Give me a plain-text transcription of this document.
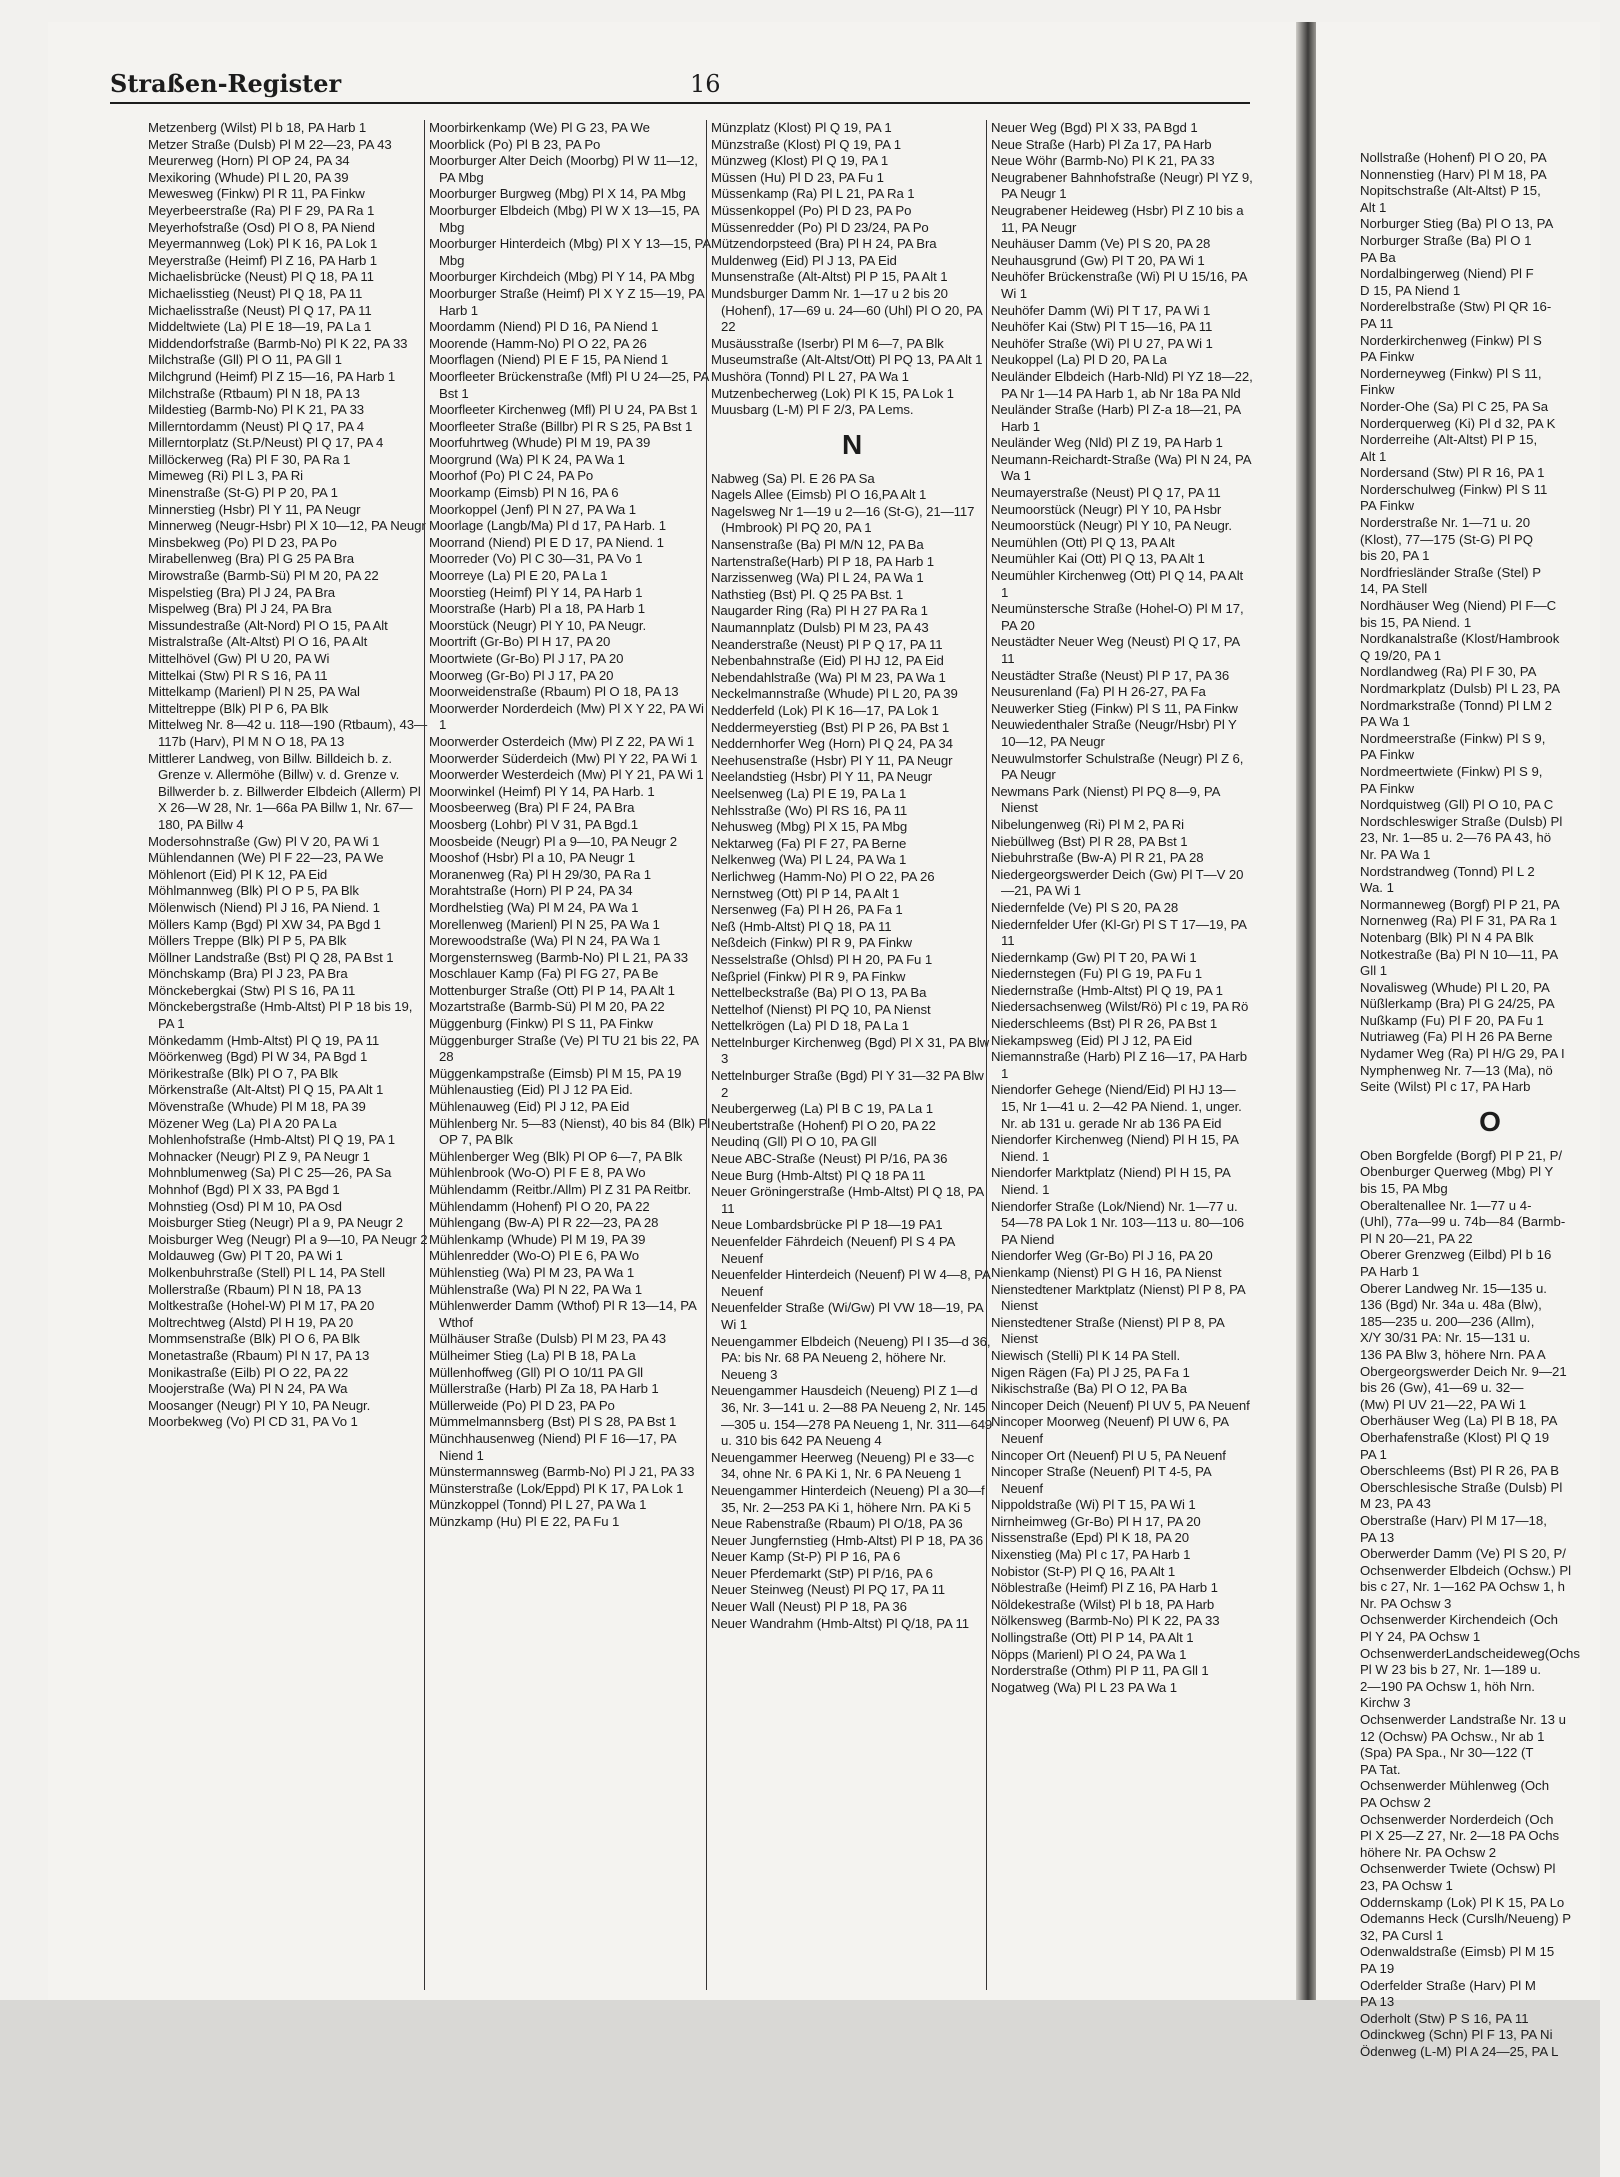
Straßen-Register	16
Metzenberg (Wilst) Pl b 18, PA Harb 1
Metzer Straße (Dulsb) Pl M 22—23, PA 43
Meurerweg (Horn) Pl OP 24, PA 34
Mexikoring (Whude) Pl L 20, PA 39
Mewesweg (Finkw) Pl R 11, PA Finkw
Meyerbeerstraße (Ra) Pl F 29, PA Ra 1
Meyerhofstraße (Osd) Pl O 8, PA Niend
Meyermannweg (Lok) Pl K 16, PA Lok 1
Meyerstraße (Heimf) Pl Z 16, PA Harb 1
Michaelisbrücke (Neust) Pl Q 18, PA 11
Michaelisstieg (Neust) Pl Q 18, PA 11
Michaelisstraße (Neust) Pl Q 17, PA 11
Middeltwiete (La) Pl E 18—19, PA La 1
Middendorfstraße (Barmb-No) Pl K 22, PA 33
Milchstraße (Gll) Pl O 11, PA Gll 1
Milchgrund (Heimf) Pl Z 15—16, PA Harb 1
Milchstraße (Rtbaum) Pl N 18, PA 13
Mildestieg (Barmb-No) Pl K 21, PA 33
Millerntordamm (Neust) Pl Q 17, PA 4
Millerntorplatz (St.P/Neust) Pl Q 17, PA 4
Millöckerweg (Ra) Pl F 30, PA Ra 1
Mimeweg (Ri) Pl L 3, PA Ri
Minenstraße (St-G) Pl P 20, PA 1
Minnerstieg (Hsbr) Pl Y 11, PA Neugr
Minnerweg (Neugr-Hsbr) Pl X 10—12, PA Neugr
Minsbekweg (Po) Pl D 23, PA Po
Mirabellenweg (Bra) Pl G 25 PA Bra
Mirowstraße (Barmb-Sü) Pl M 20, PA 22
Mispelstieg (Bra) Pl J 24, PA Bra
Mispelweg (Bra) Pl J 24, PA Bra
Missundestraße (Alt-Nord) Pl O 15, PA Alt
Mistralstraße (Alt-Altst) Pl O 16, PA Alt
Mittelhövel (Gw) Pl U 20, PA Wi
Mittelkai (Stw) Pl R S 16, PA 11
Mittelkamp (Marienl) Pl N 25, PA Wal
Mitteltreppe (Blk) Pl P 6, PA Blk
Mittelweg Nr. 8—42 u. 118—190 (Rtbaum), 43—117b (Harv), Pl M N O 18, PA 13
Mittlerer Landweg, von Billw. Billdeich b. z. Grenze v. Allermöhe (Billw) v. d. Grenze v. Billwerder b. z. Billwerder Elbdeich (Allerm) Pl X 26—W 28, Nr. 1—66a PA Billw 1, Nr. 67—180, PA Billw 4
Modersohnstraße (Gw) Pl V 20, PA Wi 1
Mühlendannen (We) Pl F 22—23, PA We
Möhlenort (Eid) Pl K 12, PA Eid
Möhlmannweg (Blk) Pl O P 5, PA Blk
Mölenwisch (Niend) Pl J 16, PA Niend. 1
Möllers Kamp (Bgd) Pl XW 34, PA Bgd 1
Möllers Treppe (Blk) Pl P 5, PA Blk
Möllner Landstraße (Bst) Pl Q 28, PA Bst 1
Mönchskamp (Bra) Pl J 23, PA Bra
Mönckebergkai (Stw) Pl S 16, PA 11
Mönckebergstraße (Hmb-Altst) Pl P 18 bis 19, PA 1
Mönkedamm (Hmb-Altst) Pl Q 19, PA 11
Möörkenweg (Bgd) Pl W 34, PA Bgd 1
Mörikestraße (Blk) Pl O 7, PA Blk
Mörkenstraße (Alt-Altst) Pl Q 15, PA Alt 1
Mövenstraße (Whude) Pl M 18, PA 39
Mözener Weg (La) Pl A 20 PA La
Mohlenhofstraße (Hmb-Altst) Pl Q 19, PA 1
Mohnacker (Neugr) Pl Z 9, PA Neugr 1
Mohnblumenweg (Sa) Pl C 25—26, PA Sa
Mohnhof (Bgd) Pl X 33, PA Bgd 1
Mohnstieg (Osd) Pl M 10, PA Osd
Moisburger Stieg (Neugr) Pl a 9, PA Neugr 2
Moisburger Weg (Neugr) Pl a 9—10, PA Neugr 2
Moldauweg (Gw) Pl T 20, PA Wi 1
Molkenbuhrstraße (Stell) Pl L 14, PA Stell
Mollerstraße (Rbaum) Pl N 18, PA 13
Moltkestraße (Hohel-W) Pl M 17, PA 20
Moltrechtweg (Alstd) Pl H 19, PA 20
Mommsenstraße (Blk) Pl O 6, PA Blk
Monetastraße (Rbaum) Pl N 17, PA 13
Monikastraße (Eilb) Pl O 22, PA 22
Moojerstraße (Wa) Pl N 24, PA Wa
Moosanger (Neugr) Pl Y 10, PA Neugr.
Moorbekweg (Vo) Pl CD 31, PA Vo 1
Moorbirkenkamp (We) Pl G 23, PA We
Moorblick (Po) Pl B 23, PA Po
Moorburger Alter Deich (Moorbg) Pl W 11—12, PA Mbg
Moorburger Burgweg (Mbg) Pl X 14, PA Mbg
Moorburger Elbdeich (Mbg) Pl W X 13—15, PA Mbg
Moorburger Hinterdeich (Mbg) Pl X Y 13—15, PA Mbg
Moorburger Kirchdeich (Mbg) Pl Y 14, PA Mbg
Moorburger Straße (Heimf) Pl X Y Z 15—19, PA Harb 1
Moordamm (Niend) Pl D 16, PA Niend 1
Moorende (Hamm-No) Pl O 22, PA 26
Moorflagen (Niend) Pl E F 15, PA Niend 1
Moorfleeter Brückenstraße (Mfl) Pl U 24—25, PA Bst 1
Moorfleeter Kirchenweg (Mfl) Pl U 24, PA Bst 1
Moorfleeter Straße (Billbr) Pl R S 25, PA Bst 1
Moorfuhrtweg (Whude) Pl M 19, PA 39
Moorgrund (Wa) Pl K 24, PA Wa 1
Moorhof (Po) Pl C 24, PA Po
Moorkamp (Eimsb) Pl N 16, PA 6
Moorkoppel (Jenf) Pl N 27, PA Wa 1
Moorlage (Langb/Ma) Pl d 17, PA Harb. 1
Moorrand (Niend) Pl E D 17, PA Niend. 1
Moorreder (Vo) Pl C 30—31, PA Vo 1
Moorreye (La) Pl E 20, PA La 1
Moorstieg (Heimf) Pl Y 14, PA Harb 1
Moorstraße (Harb) Pl a 18, PA Harb 1
Moorstück (Neugr) Pl Y 10, PA Neugr.
Moortrift (Gr-Bo) Pl H 17, PA 20
Moortwiete (Gr-Bo) Pl J 17, PA 20
Moorweg (Gr-Bo) Pl J 17, PA 20
Moorweidenstraße (Rbaum) Pl O 18, PA 13
Moorwerder Norderdeich (Mw) Pl X Y 22, PA Wi 1
Moorwerder Osterdeich (Mw) Pl Z 22, PA Wi 1
Moorwerder Süderdeich (Mw) Pl Y 22, PA Wi 1
Moorwerder Westerdeich (Mw) Pl Y 21, PA Wi 1
Moorwinkel (Heimf) Pl Y 14, PA Harb. 1
Moosbeerweg (Bra) Pl F 24, PA Bra
Moosberg (Lohbr) Pl V 31, PA Bgd.1
Moosbeide (Neugr) Pl a 9—10, PA Neugr 2
Mooshof (Hsbr) Pl a 10, PA Neugr 1
Moranenweg (Ra) Pl H 29/30, PA Ra 1
Morahtstraße (Horn) Pl P 24, PA 34
Mordhelstieg (Wa) Pl M 24, PA Wa 1
Morellenweg (Marienl) Pl N 25, PA Wa 1
Morewoodstraße (Wa) Pl N 24, PA Wa 1
Morgensternsweg (Barmb-No) Pl L 21, PA 33
Moschlauer Kamp (Fa) Pl FG 27, PA Be
Mottenburger Straße (Ott) Pl P 14, PA Alt 1
Mozartstraße (Barmb-Sü) Pl M 20, PA 22
Müggenburg (Finkw) Pl S 11, PA Finkw
Müggenburger Straße (Ve) Pl TU 21 bis 22, PA 28
Müggenkampstraße (Eimsb) Pl M 15, PA 19
Mühlenaustieg (Eid) Pl J 12 PA Eid.
Mühlenauweg (Eid) Pl J 12, PA Eid
Mühlenberg Nr. 5—83 (Nienst), 40 bis 84 (Blk) Pl OP 7, PA Blk
Mühlenberger Weg (Blk) Pl OP 6—7, PA Blk
Mühlenbrook (Wo-O) Pl F E 8, PA Wo
Mühlendamm (Reitbr./Allm) Pl Z 31 PA Reitbr.
Mühlendamm (Hohenf) Pl O 20, PA 22
Mühlengang (Bw-A) Pl R 22—23, PA 28
Mühlenkamp (Whude) Pl M 19, PA 39
Mühlenredder (Wo-O) Pl E 6, PA Wo
Mühlenstieg (Wa) Pl M 23, PA Wa 1
Mühlenstraße (Wa) Pl N 22, PA Wa 1
Mühlenwerder Damm (Wthof) Pl R 13—14, PA Wthof
Mülhäuser Straße (Dulsb) Pl M 23, PA 43
Mülheimer Stieg (La) Pl B 18, PA La
Müllenhoffweg (Gll) Pl O 10/11 PA Gll
Müllerstraße (Harb) Pl Za 18, PA Harb 1
Müllerweide (Po) Pl D 23, PA Po
Mümmelmannsberg (Bst) Pl S 28, PA Bst 1
Münchhausenweg (Niend) Pl F 16—17, PA Niend 1
Münstermannsweg (Barmb-No) Pl J 21, PA 33
Münsterstraße (Lok/Eppd) Pl K 17, PA Lok 1
Münzkoppel (Tonnd) Pl L 27, PA Wa 1
Münzkamp (Hu) Pl E 22, PA Fu 1
Münzplatz (Klost) Pl Q 19, PA 1
Münzstraße (Klost) Pl Q 19, PA 1
Münzweg (Klost) Pl Q 19, PA 1
Müssen (Hu) Pl D 23, PA Fu 1
Müssenkamp (Ra) Pl L 21, PA Ra 1
Müssenkoppel (Po) Pl D 23, PA Po
Müssenredder (Po) Pl D 23/24, PA Po
Mützendorpsteed (Bra) Pl H 24, PA Bra
Muldenweg (Eid) Pl J 13, PA Eid
Munsenstraße (Alt-Altst) Pl P 15, PA Alt 1
Mundsburger Damm Nr. 1—17 u 2 bis 20 (Hohenf), 17—69 u. 24—60 (Uhl) Pl O 20, PA 22
Musäusstraße (Iserbr) Pl M 6—7, PA Blk
Museumstraße (Alt-Altst/Ott) Pl PQ 13, PA Alt 1
Mushöra (Tonnd) Pl L 27, PA Wa 1
Mutzenbecherweg (Lok) Pl K 15, PA Lok 1
Muusbarg (L-M) Pl F 2/3, PA Lems.
N
Nabweg (Sa) Pl. E 26 PA Sa
Nagels Allee (Eimsb) Pl O 16,PA Alt 1
Nagelsweg Nr 1—19 u 2—16 (St-G), 21—117 (Hmbrook) Pl PQ 20, PA 1
Nansenstraße (Ba) Pl M/N 12, PA Ba
Nartenstraße(Harb) Pl P 18, PA Harb 1
Narzissenweg (Wa) Pl L 24, PA Wa 1
Nathstieg (Bst) Pl. Q 25 PA Bst. 1
Naugarder Ring (Ra) Pl H 27 PA Ra 1
Naumannplatz (Dulsb) Pl M 23, PA 43
Neanderstraße (Neust) Pl P Q 17, PA 11
Nebenbahnstraße (Eid) Pl HJ 12, PA Eid
Nebendahlstraße (Wa) Pl M 23, PA Wa 1
Neckelmannstraße (Whude) Pl L 20, PA 39
Nedderfeld (Lok) Pl K 16—17, PA Lok 1
Neddermeyerstieg (Bst) Pl P 26, PA Bst 1
Neddernhorfer Weg (Horn) Pl Q 24, PA 34
Neehusenstraße (Hsbr) Pl Y 11, PA Neugr
Neelandstieg (Hsbr) Pl Y 11, PA Neugr
Neelsenweg (La) Pl E 19, PA La 1
Nehlsstraße (Wo) Pl RS 16, PA 11
Nehusweg (Mbg) Pl X 15, PA Mbg
Nektarweg (Fa) Pl F 27, PA Berne
Nelkenweg (Wa) Pl L 24, PA Wa 1
Nerlichweg (Hamm-No) Pl O 22, PA 26
Nernstweg (Ott) Pl P 14, PA Alt 1
Nersenweg (Fa) Pl H 26, PA Fa 1
Neß (Hmb-Altst) Pl Q 18, PA 11
Neßdeich (Finkw) Pl R 9, PA Finkw
Nesselstraße (Ohlsd) Pl H 20, PA Fu 1
Neßpriel (Finkw) Pl R 9, PA Finkw
Nettelbeckstraße (Ba) Pl O 13, PA Ba
Nettelhof (Nienst) Pl PQ 10, PA Nienst
Nettelkrögen (La) Pl D 18, PA La 1
Nettelnburger Kirchenweg (Bgd) Pl X 31, PA Blw 3
Nettelnburger Straße (Bgd) Pl Y 31—32 PA Blw 2
Neubergerweg (La) Pl B C 19, PA La 1
Neubertstraße (Hohenf) Pl O 20, PA 22
Neudinq (Gll) Pl O 10, PA Gll
Neue ABC-Straße (Neust) Pl P/16, PA 36
Neue Burg (Hmb-Altst) Pl Q 18 PA 11
Neuer Gröningerstraße (Hmb-Altst) Pl Q 18, PA 11
Neue Lombardsbrücke Pl P 18—19 PA1
Neuenfelder Fährdeich (Neuenf) Pl S 4 PA Neuenf
Neuenfelder Hinterdeich (Neuenf) Pl W 4—8, PA Neuenf
Neuenfelder Straße (Wi/Gw) Pl VW 18—19, PA Wi 1
Neuengammer Elbdeich (Neueng) Pl I 35—d 36, PA: bis Nr. 68 PA Neueng 2, höhere Nr. Neueng 3
Neuengammer Hausdeich (Neueng) Pl Z 1—d 36, Nr. 3—141 u. 2—88 PA Neueng 2, Nr. 145—305 u. 154—278 PA Neueng 1, Nr. 311—649 u. 310 bis 642 PA Neueng 4
Neuengammer Heerweg (Neueng) Pl e 33—c 34, ohne Nr. 6 PA Ki 1, Nr. 6 PA Neueng 1
Neuengammer Hinterdeich (Neueng) Pl a 30—f 35, Nr. 2—253 PA Ki 1, höhere Nrn. PA Ki 5
Neue Rabenstraße (Rbaum) Pl O/18, PA 36
Neuer Jungfernstieg (Hmb-Altst) Pl P 18, PA 36
Neuer Kamp (St-P) Pl P 16, PA 6
Neuer Pferdemarkt (StP) Pl P/16, PA 6
Neuer Steinweg (Neust) Pl PQ 17, PA 11
Neuer Wall (Neust) Pl P 18, PA 36
Neuer Wandrahm (Hmb-Altst) Pl Q/18, PA 11
Neuer Weg (Bgd) Pl X 33, PA Bgd 1
Neue Straße (Harb) Pl Za 17, PA Harb
Neue Wöhr (Barmb-No) Pl K 21, PA 33
Neugrabener Bahnhofstraße (Neugr) Pl YZ 9, PA Neugr 1
Neugrabener Heideweg (Hsbr) Pl Z 10 bis a 11, PA Neugr
Neuhäuser Damm (Ve) Pl S 20, PA 28
Neuhausgrund (Gw) Pl T 20, PA Wi 1
Neuhöfer Brückenstraße (Wi) Pl U 15/16, PA Wi 1
Neuhöfer Damm (Wi) Pl T 17, PA Wi 1
Neuhöfer Kai (Stw) Pl T 15—16, PA 11
Neuhöfer Straße (Wi) Pl U 27, PA Wi 1
Neukoppel (La) Pl D 20, PA La
Neuländer Elbdeich (Harb-Nld) Pl YZ 18—22, PA Nr 1—14 PA Harb 1, ab Nr 18a PA Nld
Neuländer Straße (Harb) Pl Z-a 18—21, PA Harb 1
Neuländer Weg (Nld) Pl Z 19, PA Harb 1
Neumann-Reichardt-Straße (Wa) Pl N 24, PA Wa 1
Neumayerstraße (Neust) Pl Q 17, PA 11
Neumoorstück (Neugr) Pl Y 10, PA Hsbr
Neumoorstück (Neugr) Pl Y 10, PA Neugr.
Neumühlen (Ott) Pl Q 13, PA Alt
Neumühler Kai (Ott) Pl Q 13, PA Alt 1
Neumühler Kirchenweg (Ott) Pl Q 14, PA Alt 1
Neumünstersche Straße (Hohel-O) Pl M 17, PA 20
Neustädter Neuer Weg (Neust) Pl Q 17, PA 11
Neustädter Straße (Neust) Pl P 17, PA 36
Neusurenland (Fa) Pl H 26-27, PA Fa
Neuwerker Stieg (Finkw) Pl S 11, PA Finkw
Neuwiedenthaler Straße (Neugr/Hsbr) Pl Y 10—12, PA Neugr
Neuwulmstorfer Schulstraße (Neugr) Pl Z 6, PA Neugr
Newmans Park (Nienst) Pl PQ 8—9, PA Nienst
Nibelungenweg (Ri) Pl M 2, PA Ri
Niebüllweg (Bst) Pl R 28, PA Bst 1
Niebuhrstraße (Bw-A) Pl R 21, PA 28
Niedergeorgswerder Deich (Gw) Pl T—V 20—21, PA Wi 1
Niedernfelde (Ve) Pl S 20, PA 28
Niedernfelder Ufer (Kl-Gr) Pl S T 17—19, PA 11
Niedernkamp (Gw) Pl T 20, PA Wi 1
Niedernstegen (Fu) Pl G 19, PA Fu 1
Niedernstraße (Hmb-Altst) Pl Q 19, PA 1
Niedersachsenweg (Wilst/Rö) Pl c 19, PA Rö
Niederschleems (Bst) Pl R 26, PA Bst 1
Niekampsweg (Eid) Pl J 12, PA Eid
Niemannstraße (Harb) Pl Z 16—17, PA Harb 1
Niendorfer Gehege (Niend/Eid) Pl HJ 13—15, Nr 1—41 u. 2—42 PA Niend. 1, unger. Nr. ab 131 u. gerade Nr ab 136 PA Eid
Niendorfer Kirchenweg (Niend) Pl H 15, PA Niend. 1
Niendorfer Marktplatz (Niend) Pl H 15, PA Niend. 1
Niendorfer Straße (Lok/Niend) Nr. 1—77 u. 54—78 PA Lok 1 Nr. 103—113 u. 80—106 PA Niend
Niendorfer Weg (Gr-Bo) Pl J 16, PA 20
Nienkamp (Nienst) Pl G H 16, PA Nienst
Nienstedtener Marktplatz (Nienst) Pl P 8, PA Nienst
Nienstedtener Straße (Nienst) Pl P 8, PA Nienst
Niewisch (Stelli) Pl K 14 PA Stell.
Nigen Rägen (Fa) Pl J 25, PA Fa 1
Nikischstraße (Ba) Pl O 12, PA Ba
Nincoper Deich (Neuenf) Pl UV 5, PA Neuenf
Nincoper Moorweg (Neuenf) Pl UW 6, PA Neuenf
Nincoper Ort (Neuenf) Pl U 5, PA Neuenf
Nincoper Straße (Neuenf) Pl T 4-5, PA Neuenf
Nippoldstraße (Wi) Pl T 15, PA Wi 1
Nirnheimweg (Gr-Bo) Pl H 17, PA 20
Nissenstraße (Epd) Pl K 18, PA 20
Nixenstieg (Ma) Pl c 17, PA Harb 1
Nobistor (St-P) Pl Q 16, PA Alt 1
Nöblestraße (Heimf) Pl Z 16, PA Harb 1
Nöldekestraße (Wilst) Pl b 18, PA Harb
Nölkensweg (Barmb-No) Pl K 22, PA 33
Nollingstraße (Ott) Pl P 14, PA Alt 1
Nöpps (Marienl) Pl O 24, PA Wa 1
Norderstraße (Othm) Pl P 11, PA Gll 1
Nogatweg (Wa) Pl L 23 PA Wa 1
Nollstraße (Hohenf) Pl O 20, PA
Nonnenstieg (Harv) Pl M 18, PA
Nopitschstraße (Alt-Altst) P 15,
Alt 1
Norburger Stieg (Ba) Pl O 13, PA
Norburger Straße (Ba) Pl O 1
PA Ba
Nordalbingerweg (Niend) Pl F
D 15, PA Niend 1
Norderelbstraße (Stw) Pl QR 16-
PA 11
Norderkirchenweg (Finkw) Pl S
PA Finkw
Norderneyweg (Finkw) Pl S 11,
Finkw
Norder-Ohe (Sa) Pl C 25, PA Sa
Norderquerweg (Ki) Pl d 32, PA K
Norderreihe (Alt-Altst) Pl P 15,
Alt 1
Nordersand (Stw) Pl R 16, PA 1
Norderschulweg (Finkw) Pl S 11
PA Finkw
Norderstraße Nr. 1—71 u. 20
(Klost), 77—175 (St-G) Pl PQ
bis 20, PA 1
Nordfriesländer Straße (Stel) P
14, PA Stell
Nordhäuser Weg (Niend) Pl F—C
bis 15, PA Niend. 1
Nordkanalstraße (Klost/Hambrook
Q 19/20, PA 1
Nordlandweg (Ra) Pl F 30, PA
Nordmarkplatz (Dulsb) Pl L 23, PA
Nordmarkstraße (Tonnd) Pl LM 2
PA Wa 1
Nordmeerstraße (Finkw) Pl S 9,
PA Finkw
Nordmeertwiete (Finkw) Pl S 9,
PA Finkw
Nordquistweg (Gll) Pl O 10, PA C
Nordschleswiger Straße (Dulsb) Pl
23, Nr. 1—85 u. 2—76 PA 43, hö
Nr. PA Wa 1
Nordstrandweg (Tonnd) Pl L 2
Wa. 1
Normanneweg (Borgf) Pl P 21, PA
Nornenweg (Ra) Pl F 31, PA Ra 1
Notenbarg (Blk) Pl N 4 PA Blk
Notkestraße (Ba) Pl N 10—11, PA
Gll 1
Novalisweg (Whude) Pl L 20, PA
Nüßlerkamp (Bra) Pl G 24/25, PA
Nußkamp (Fu) Pl F 20, PA Fu 1
Nutriaweg (Fa) Pl H 26 PA Berne
Nydamer Weg (Ra) Pl H/G 29, PA I
Nymphenweg Nr. 7—13 (Ma), nö
Seite (Wilst) Pl c 17, PA Harb
O
Oben Borgfelde (Borgf) Pl P 21, P/
Obenburger Querweg (Mbg) Pl Y
bis 15, PA Mbg
Oberaltenallee Nr. 1—77 u 4-
(Uhl), 77a—99 u. 74b—84 (Barmb-
Pl N 20—21, PA 22
Oberer Grenzweg (Eilbd) Pl b 16
PA Harb 1
Oberer Landweg Nr. 15—135 u.
136 (Bgd) Nr. 34a u. 48a (Blw),
185—235 u. 200—236 (Allm),
X/Y 30/31 PA: Nr. 15—131 u.
136 PA Blw 3, höhere Nrn. PA A
Obergeorgswerder Deich Nr. 9—21
bis 26 (Gw), 41—69 u. 32—
(Mw) Pl UV 21—22, PA Wi 1
Oberhäuser Weg (La) Pl B 18, PA
Oberhafenstraße (Klost) Pl Q 19
PA 1
Oberschleems (Bst) Pl R 26, PA B
Oberschlesische Straße (Dulsb) Pl
M 23, PA 43
Oberstraße (Harv) Pl M 17—18,
PA 13
Oberwerder Damm (Ve) Pl S 20, P/
Ochsenwerder Elbdeich (Ochsw.) Pl
bis c 27, Nr. 1—162 PA Ochsw 1, h
Nr. PA Ochsw 3
Ochsenwerder Kirchendeich (Och
Pl Y 24, PA Ochsw 1
OchsenwerderLandscheideweg(Ochs
Pl W 23 bis b 27, Nr. 1—189 u.
2—190 PA Ochsw 1, höh Nrn.
Kirchw 3
Ochsenwerder Landstraße Nr. 13 u
12 (Ochsw) PA Ochsw., Nr ab 1
(Spa) PA Spa., Nr 30—122 (T
PA Tat.
Ochsenwerder Mühlenweg (Och
PA Ochsw 2
Ochsenwerder Norderdeich (Och
Pl X 25—Z 27, Nr. 2—18 PA Ochs
höhere Nr. PA Ochsw 2
Ochsenwerder Twiete (Ochsw) Pl
23, PA Ochsw 1
Oddernskamp (Lok) Pl K 15, PA Lo
Odemanns Heck (Curslh/Neueng) P
32, PA Cursl 1
Odenwaldstraße (Eimsb) Pl M 15
PA 19
Oderfelder Straße (Harv) Pl M
PA 13
Oderholt (Stw) P S 16, PA 11
Odinckweg (Schn) Pl F 13, PA Ni
Ödenweg (L-M) Pl A 24—25, PA L
